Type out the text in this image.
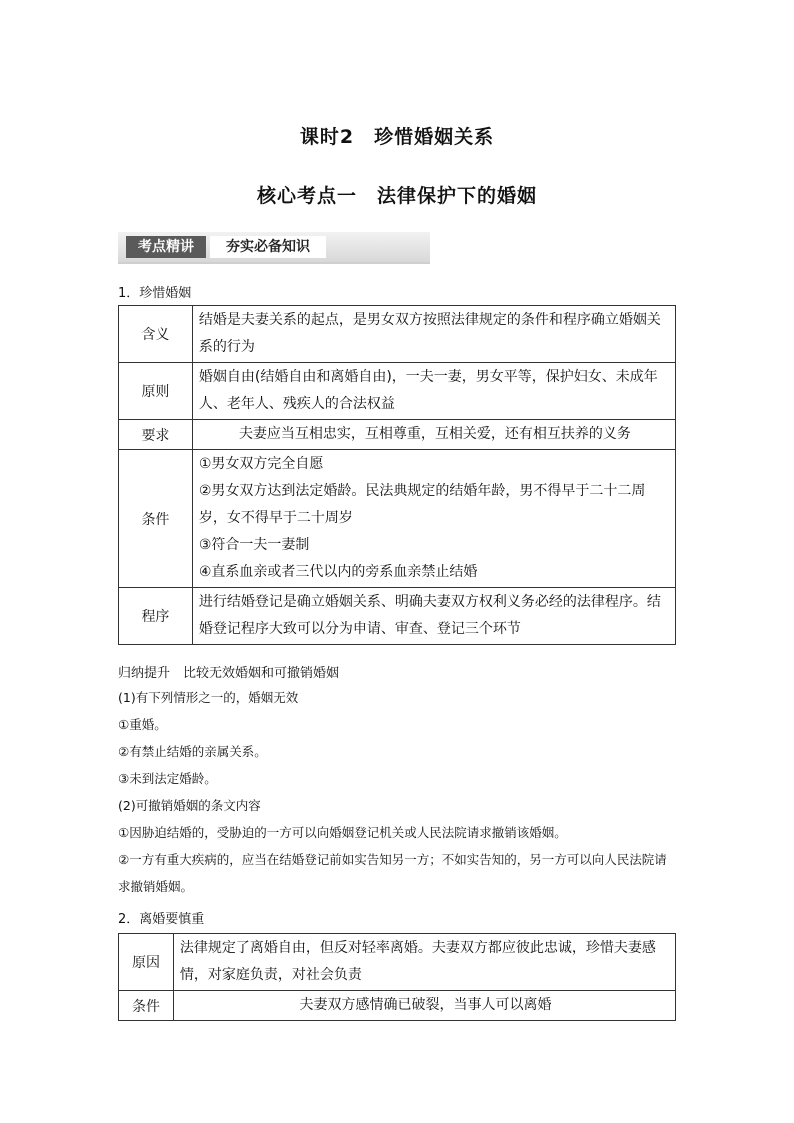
课时2　珍惜婚姻关系
核心考点一　法律保护下的婚姻
考点精讲	夯实必备知识
1．珍惜婚姻
含义	结婚是夫妻关系的起点，是男女双方按照法律规定的条件和程序确立婚姻关系的行为
原则	婚姻自由(结婚自由和离婚自由)，一夫一妻，男女平等，保护妇女、未成年人、老年人、残疾人的合法权益
要求	夫妻应当互相忠实，互相尊重，互相关爱，还有相互扶养的义务
条件	①男女双方完全自愿
②男女双方达到法定婚龄。民法典规定的结婚年龄，男不得早于二十二周岁，女不得早于二十周岁
③符合一夫一妻制
④直系血亲或者三代以内的旁系血亲禁止结婚

程序	进行结婚登记是确立婚姻关系、明确夫妻双方权利义务必经的法律程序。结婚登记程序大致可以分为申请、审查、登记三个环节
归纳提升　比较无效婚姻和可撤销婚姻
(1)有下列情形之一的，婚姻无效
①重婚。
②有禁止结婚的亲属关系。
③未到法定婚龄。
(2)可撤销婚姻的条文内容
①因胁迫结婚的，受胁迫的一方可以向婚姻登记机关或人民法院请求撤销该婚姻。
②一方有重大疾病的，应当在结婚登记前如实告知另一方；不如实告知的，另一方可以向人民法院请求撤销婚姻。
2．离婚要慎重
原因	法律规定了离婚自由，但反对轻率离婚。夫妻双方都应彼此忠诚，珍惜夫妻感情，对家庭负责，对社会负责
条件	夫妻双方感情确已破裂，当事人可以离婚
